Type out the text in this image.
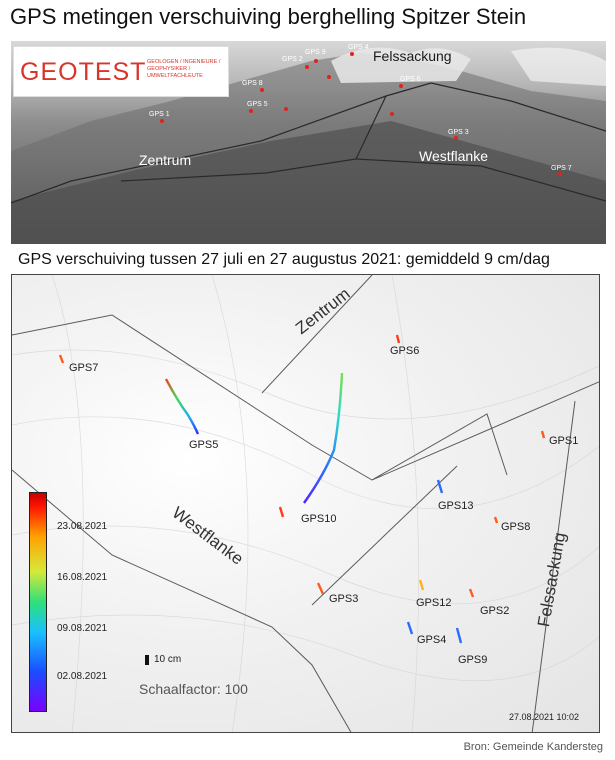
GPS metingen verschuiving berghelling Spitzer Stein
GEOTEST GEOLOGEN / INGENIEURE / GEOPHYSIKER / UMWELTFACHLEUTE
Felssackung
Zentrum	Westflanke
GPS 9
GPS 4
GPS 2
GPS 8
GPS 1
GPS 7
GPS 5
GPS 3
GPS 6
GPS verschuiving tussen 27 juli en 27 augustus 2021: gemiddeld 9 cm/dag
Zentrum
Westflanke	Felssackung
GPS7
GPS6
GPS5	GPS1
GPS13
GPS8
GPS10
GPS3	GPS12
GPS2
GPS4
GPS9
23.08.2021
16.08.2021
09.08.2021
02.08.2021
10 cm
Schaalfactor: 100
27.08.2021 10:02
Bron: Gemeinde Kandersteg
